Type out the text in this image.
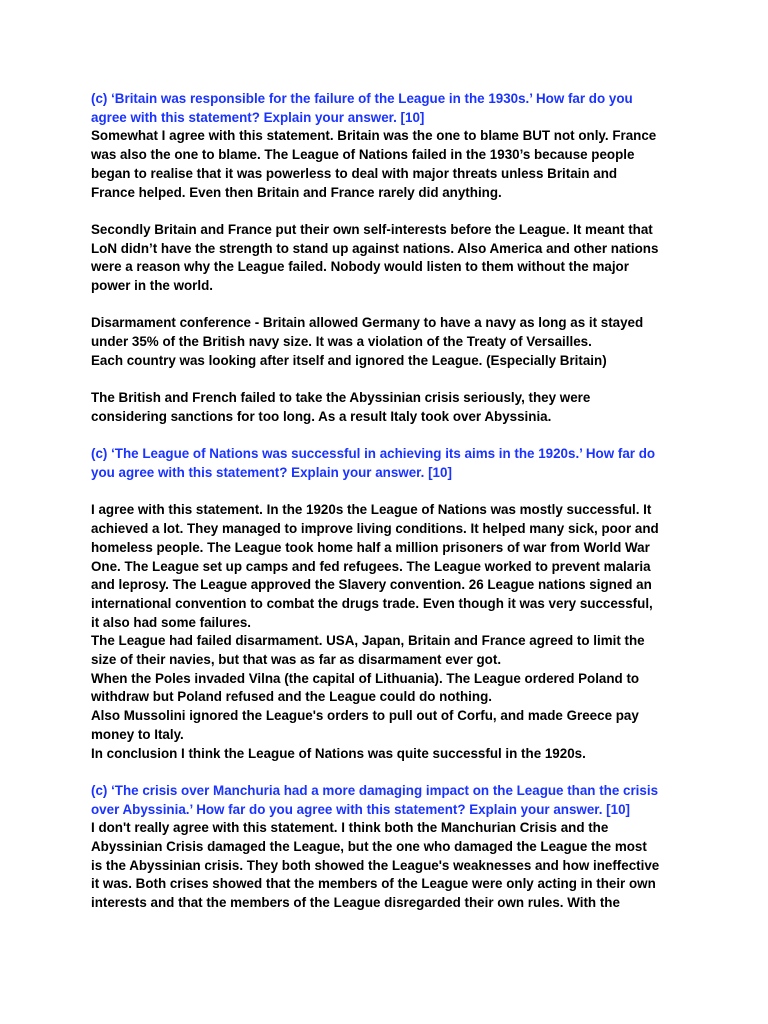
(c) ‘Britain was responsible for the failure of the League in the 1930s.’ How far do you
agree with this statement? Explain your answer. [10]

Somewhat I agree with this statement. Britain was the one to blame BUT not only. France
was also the one to blame. The League of Nations failed in the 1930’s because people
began to realise that it was powerless to deal with major threats unless Britain and
France helped. Even then Britain and France rarely did anything.

Secondly Britain and France put their own self-interests before the League. It meant that
LoN didn’t have the strength to stand up against nations. Also America and other nations
were a reason why the League failed. Nobody would listen to them without the major
power in the world.

Disarmament conference - Britain allowed Germany to have a navy as long as it stayed
under 35% of the British navy size. It was a violation of the Treaty of Versailles.
Each country was looking after itself and ignored the League. (Especially Britain)

The British and French failed to take the Abyssinian crisis seriously, they were
considering sanctions for too long. As a result Italy took over Abyssinia.

(c) ‘The League of Nations was successful in achieving its aims in the 1920s.’ How far do
you agree with this statement? Explain your answer. [10]

I agree with this statement. In the 1920s the League of Nations was mostly successful. It
achieved a lot. They managed to improve living conditions. It helped many sick, poor and
homeless people. The League took home half a million prisoners of war from World War
One. The League set up camps and fed refugees. The League worked to prevent malaria
and leprosy. The League approved the Slavery convention. 26 League nations signed an
international convention to combat the drugs trade. Even though it was very successful,
it also had some failures.
The League had failed disarmament. USA, Japan, Britain and France agreed to limit the
size of their navies, but that was as far as disarmament ever got.
When the Poles invaded Vilna (the capital of Lithuania). The League ordered Poland to
withdraw but Poland refused and the League could do nothing.
Also Mussolini ignored the League's orders to pull out of Corfu, and made Greece pay
money to Italy.
In conclusion I think the League of Nations was quite successful in the 1920s.

(c) ‘The crisis over Manchuria had a more damaging impact on the League than the crisis
over Abyssinia.’ How far do you agree with this statement? Explain your answer. [10]

I don't really agree with this statement. I think both the Manchurian Crisis and the
Abyssinian Crisis damaged the League, but the one who damaged the League the most
is the Abyssinian crisis. They both showed the League's weaknesses and how ineffective
it was. Both crises showed that the members of the League were only acting in their own
interests and that the members of the League disregarded their own rules. With the
